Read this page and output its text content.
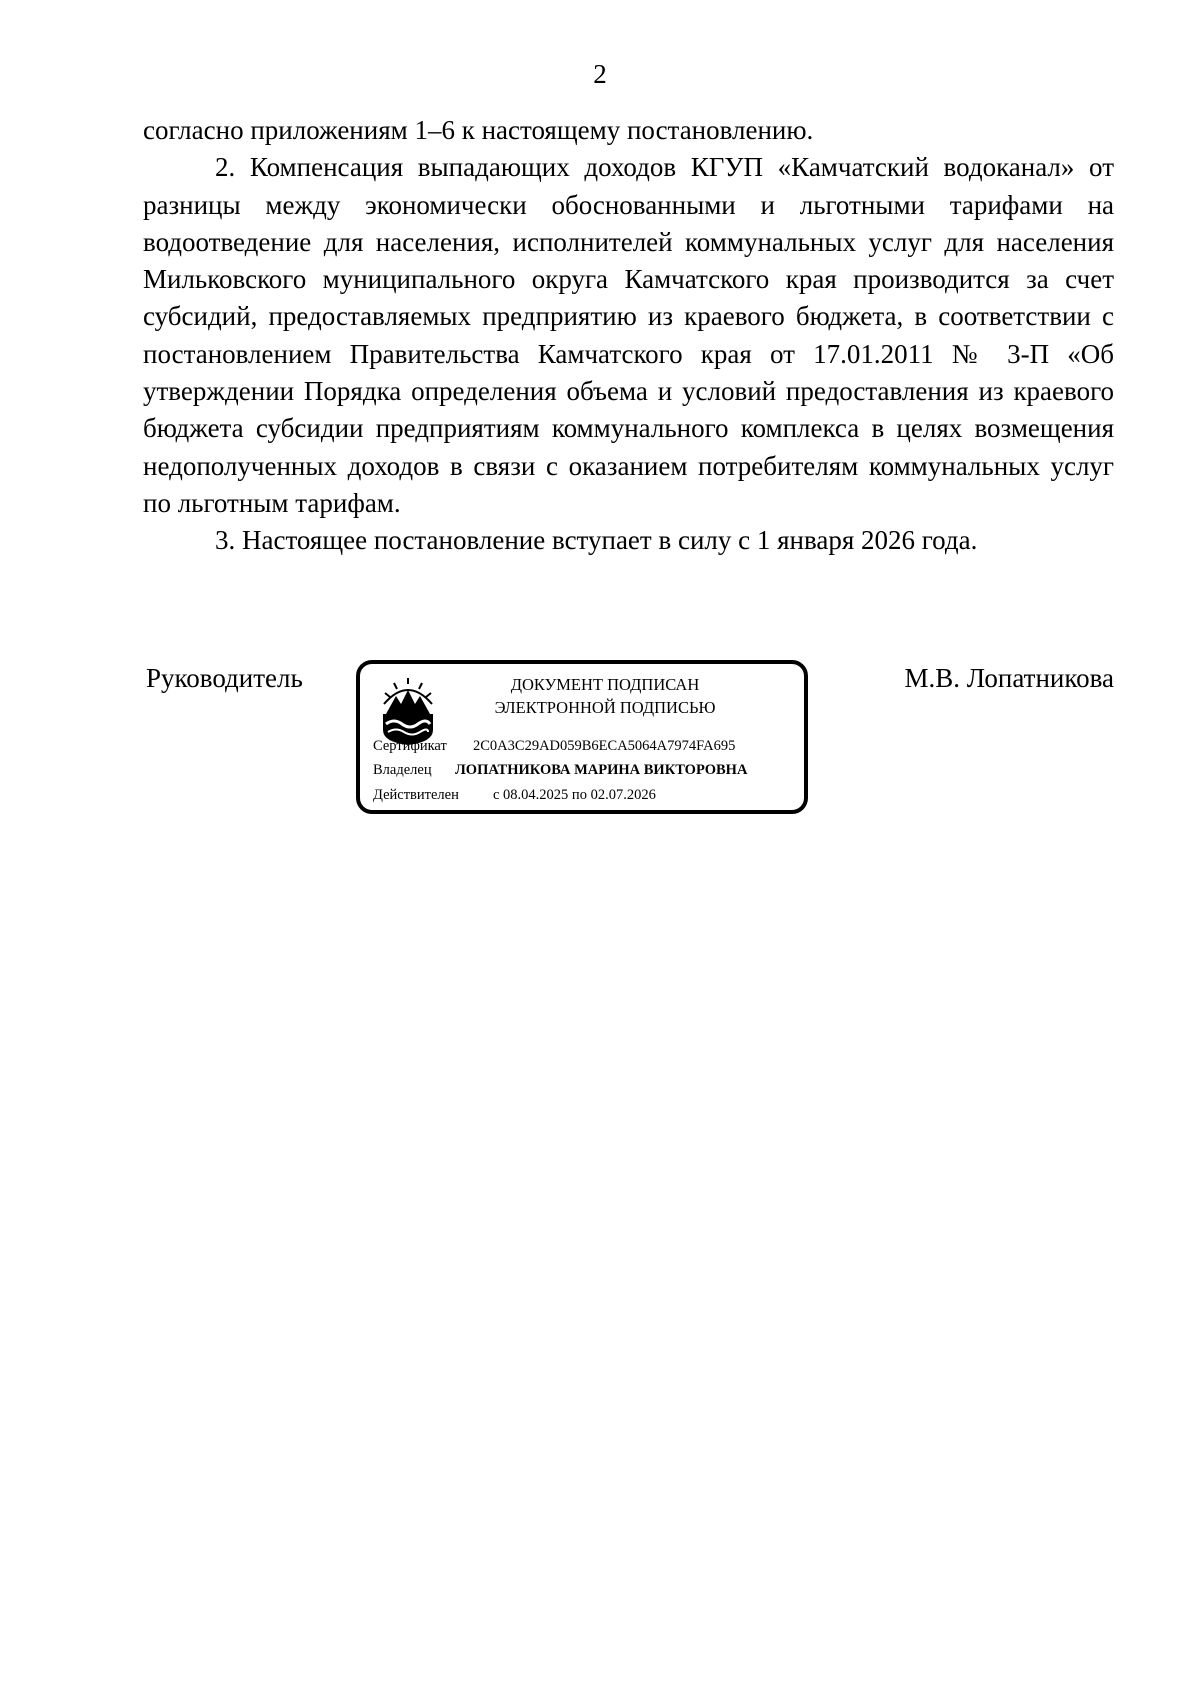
2

согласно приложениям 1–6 к настоящему постановлению.

2. Компенсация выпадающих доходов КГУП «Камчатский водоканал» от разницы между экономически обоснованными и льготными тарифами на водоотведение для населения, исполнителей коммунальных услуг для населения Мильковского муниципального округа Камчатского края производится за счет субсидий, предоставляемых предприятию из краевого бюджета, в соответствии с постановлением Правительства Камчатского края от 17.01.2011 № 3-П «Об утверждении Порядка определения объема и условий предоставления из краевого бюджета субсидии предприятиям коммунального комплекса в целях возмещения недополученных доходов в связи с оказанием потребителям коммунальных услуг по льготным тарифам.

3. Настоящее постановление вступает в силу с 1 января 2026 года.

Руководитель	ДОКУМЕНТ ПОДПИСАН
ЭЛЕКТРОННОЙ ПОДПИСЬЮ
Сертификат 2C0A3C29AD059B6ECA5064A7974FA695
Владелец ЛОПАТНИКОВА МАРИНА ВИКТОРОВНА
Действителен с 08.04.2025 по 02.07.2026
М.В. Лопатникова
